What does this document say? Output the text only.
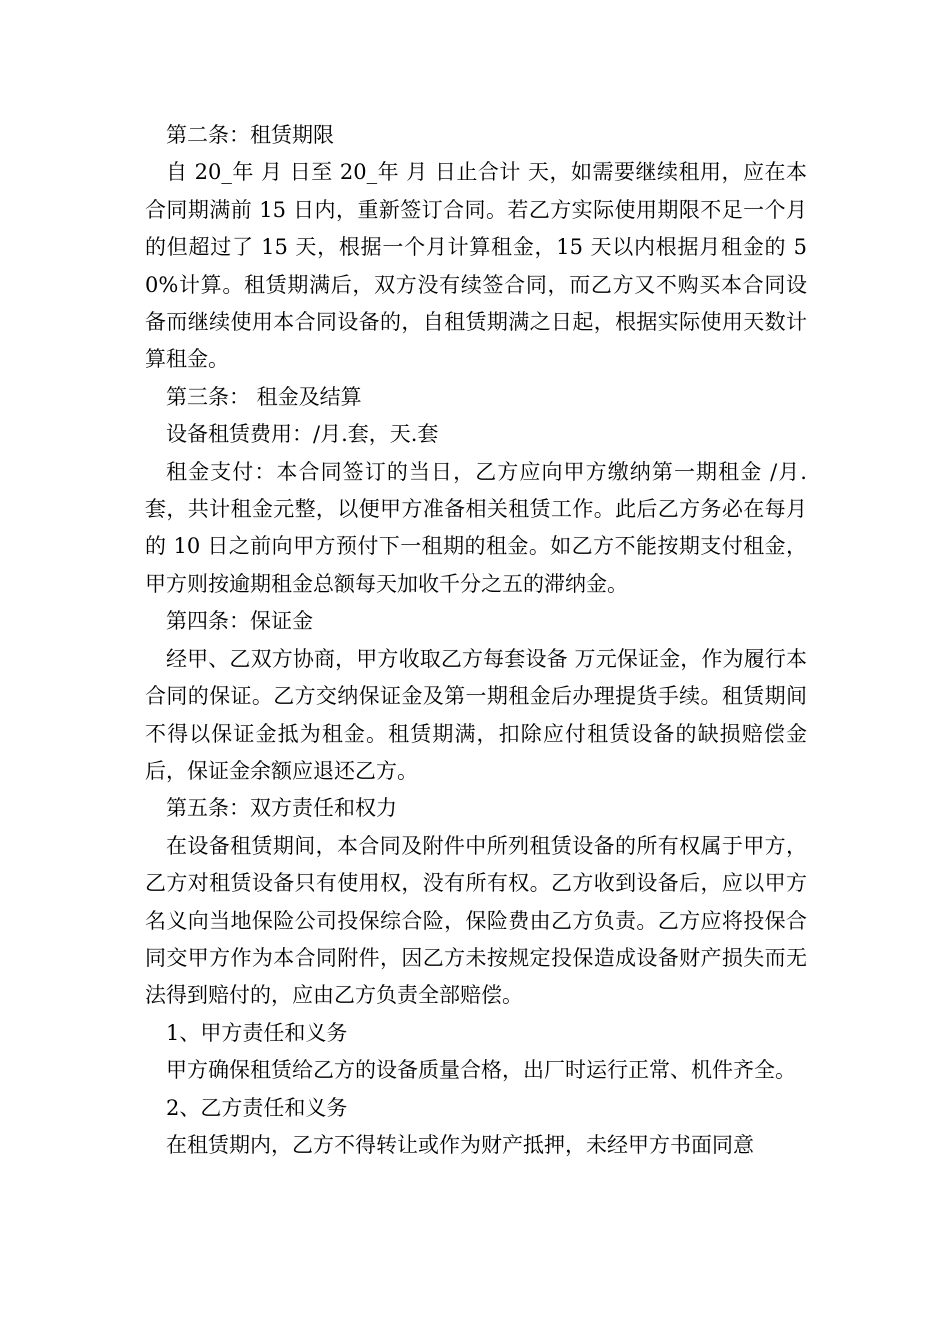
第二条：租赁期限

自 20_年 月 日至 20_年 月 日止合计 天，如需要继续租用，应在本合同期满前 15 日内，重新签订合同。若乙方实际使用期限不足一个月的但超过了 15 天，根据一个月计算租金，15 天以内根据月租金的 50%计算。租赁期满后，双方没有续签合同，而乙方又不购买本合同设备而继续使用本合同设备的，自租赁期满之日起，根据实际使用天数计算租金。

第三条： 租金及结算

设备租赁费用：/月.套，天.套

租金支付：本合同签订的当日，乙方应向甲方缴纳第一期租金 /月.套，共计租金元整，以便甲方准备相关租赁工作。此后乙方务必在每月的 10 日之前向甲方预付下一租期的租金。如乙方不能按期支付租金，甲方则按逾期租金总额每天加收千分之五的滞纳金。

第四条：保证金

经甲、乙双方协商，甲方收取乙方每套设备 万元保证金，作为履行本合同的保证。乙方交纳保证金及第一期租金后办理提货手续。租赁期间不得以保证金抵为租金。租赁期满，扣除应付租赁设备的缺损赔偿金后，保证金余额应退还乙方。

第五条：双方责任和权力

在设备租赁期间，本合同及附件中所列租赁设备的所有权属于甲方，乙方对租赁设备只有使用权，没有所有权。乙方收到设备后，应以甲方名义向当地保险公司投保综合险，保险费由乙方负责。乙方应将投保合同交甲方作为本合同附件，因乙方未按规定投保造成设备财产损失而无法得到赔付的，应由乙方负责全部赔偿。

1、甲方责任和义务

甲方确保租赁给乙方的设备质量合格，出厂时运行正常、机件齐全。

2、乙方责任和义务

在租赁期内，乙方不得转让或作为财产抵押，未经甲方书面同意
